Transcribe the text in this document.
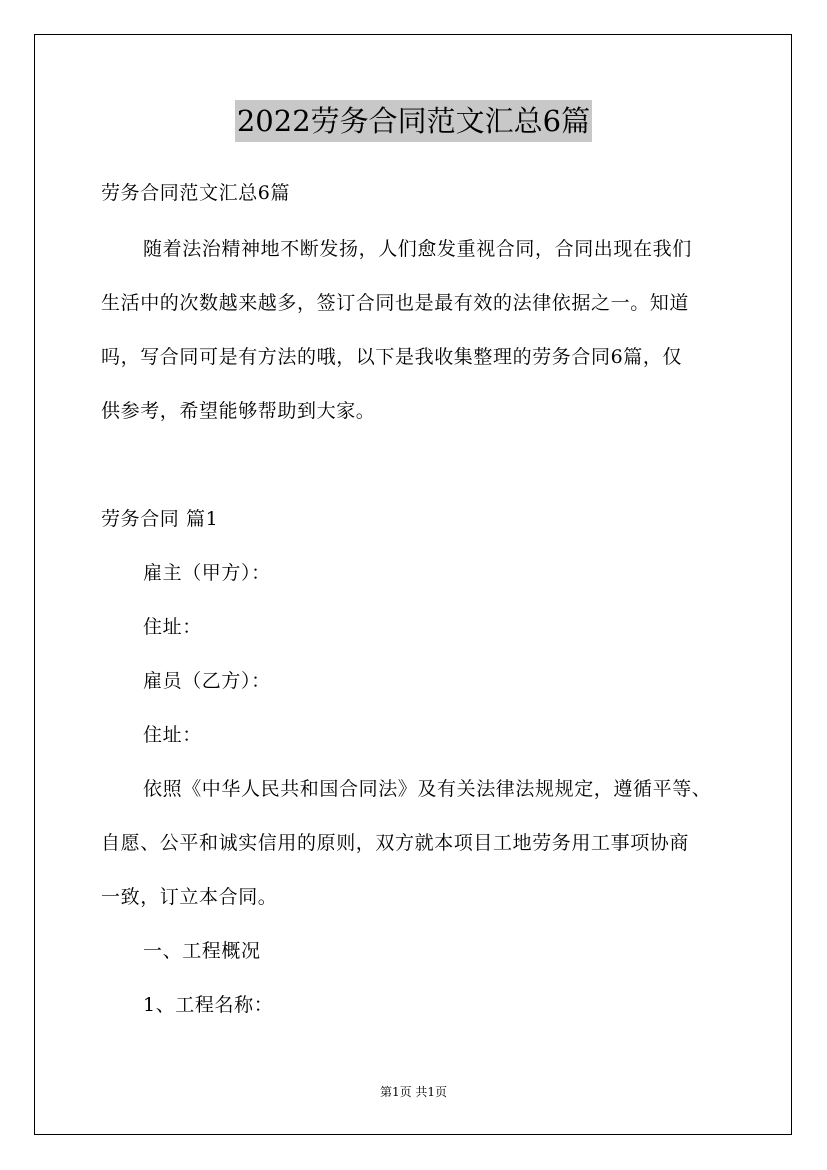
2022劳务合同范文汇总6篇
劳务合同范文汇总6篇
随着法治精神地不断发扬，人们愈发重视合同，合同出现在我们
生活中的次数越来越多，签订合同也是最有效的法律依据之一。知道
吗，写合同可是有方法的哦，以下是我收集整理的劳务合同6篇，仅
供参考，希望能够帮助到大家。
劳务合同 篇1
雇主（甲方）：
住址：
雇员（乙方）：
住址：
依照《中华人民共和国合同法》及有关法律法规规定，遵循平等、
自愿、公平和诚实信用的原则，双方就本项目工地劳务用工事项协商
一致，订立本合同。
一、工程概况
1、工程名称：
第1页 共1页
